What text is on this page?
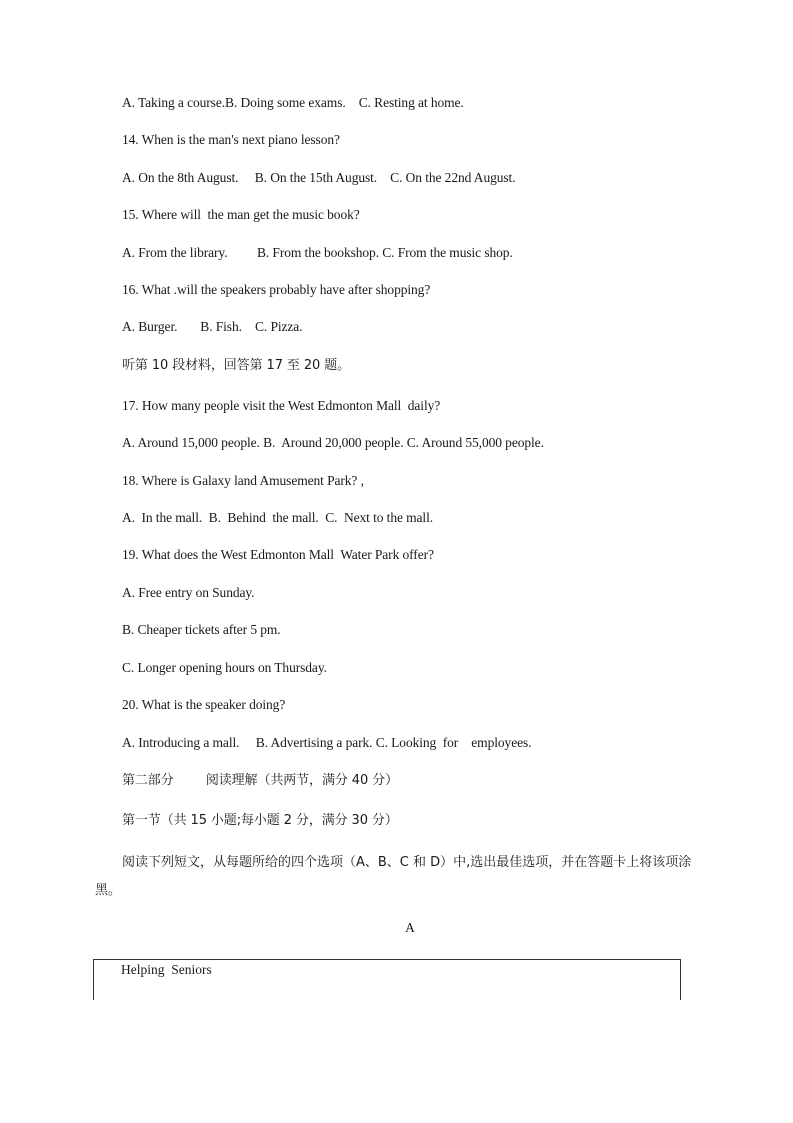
A. Taking a course.B. Doing some exams.    C. Resting at home.
14. When is the man's next piano lesson?
A. On the 8th August.     B. On the 15th August.    C. On the 22nd August.
15. Where will  the man get the music book?
A. From the library.         B. From the bookshop. C. From the music shop.
16. What .will the speakers probably have after shopping?
A. Burger.       B. Fish.    C. Pizza.
听第 10 段材料，回答第 17 至 20 题。
17. How many people visit the West Edmonton Mall  daily?
A. Around 15,000 people. B.  Around 20,000 people. C. Around 55,000 people.
18. Where is Galaxy land Amusement Park? ,
A.  In the mall.  B.  Behind  the mall.  C.  Next to the mall.
19. What does the West Edmonton Mall  Water Park offer?
A. Free entry on Sunday.
B. Cheaper tickets after 5 pm.
C. Longer opening hours on Thursday.
20. What is the speaker doing?
A. Introducing a mall.     B. Advertising a park. C. Looking  for    employees.
第二部分        阅读理解（共两节，满分 40 分）
第一节（共 15 小题;每小题 2 分，满分 30 分）
阅读下列短文，从每题所给的四个选项（A、B、C 和 D）中,选出最佳选项，并在答题卡上将该项涂黑。
A
Helping  Seniors
